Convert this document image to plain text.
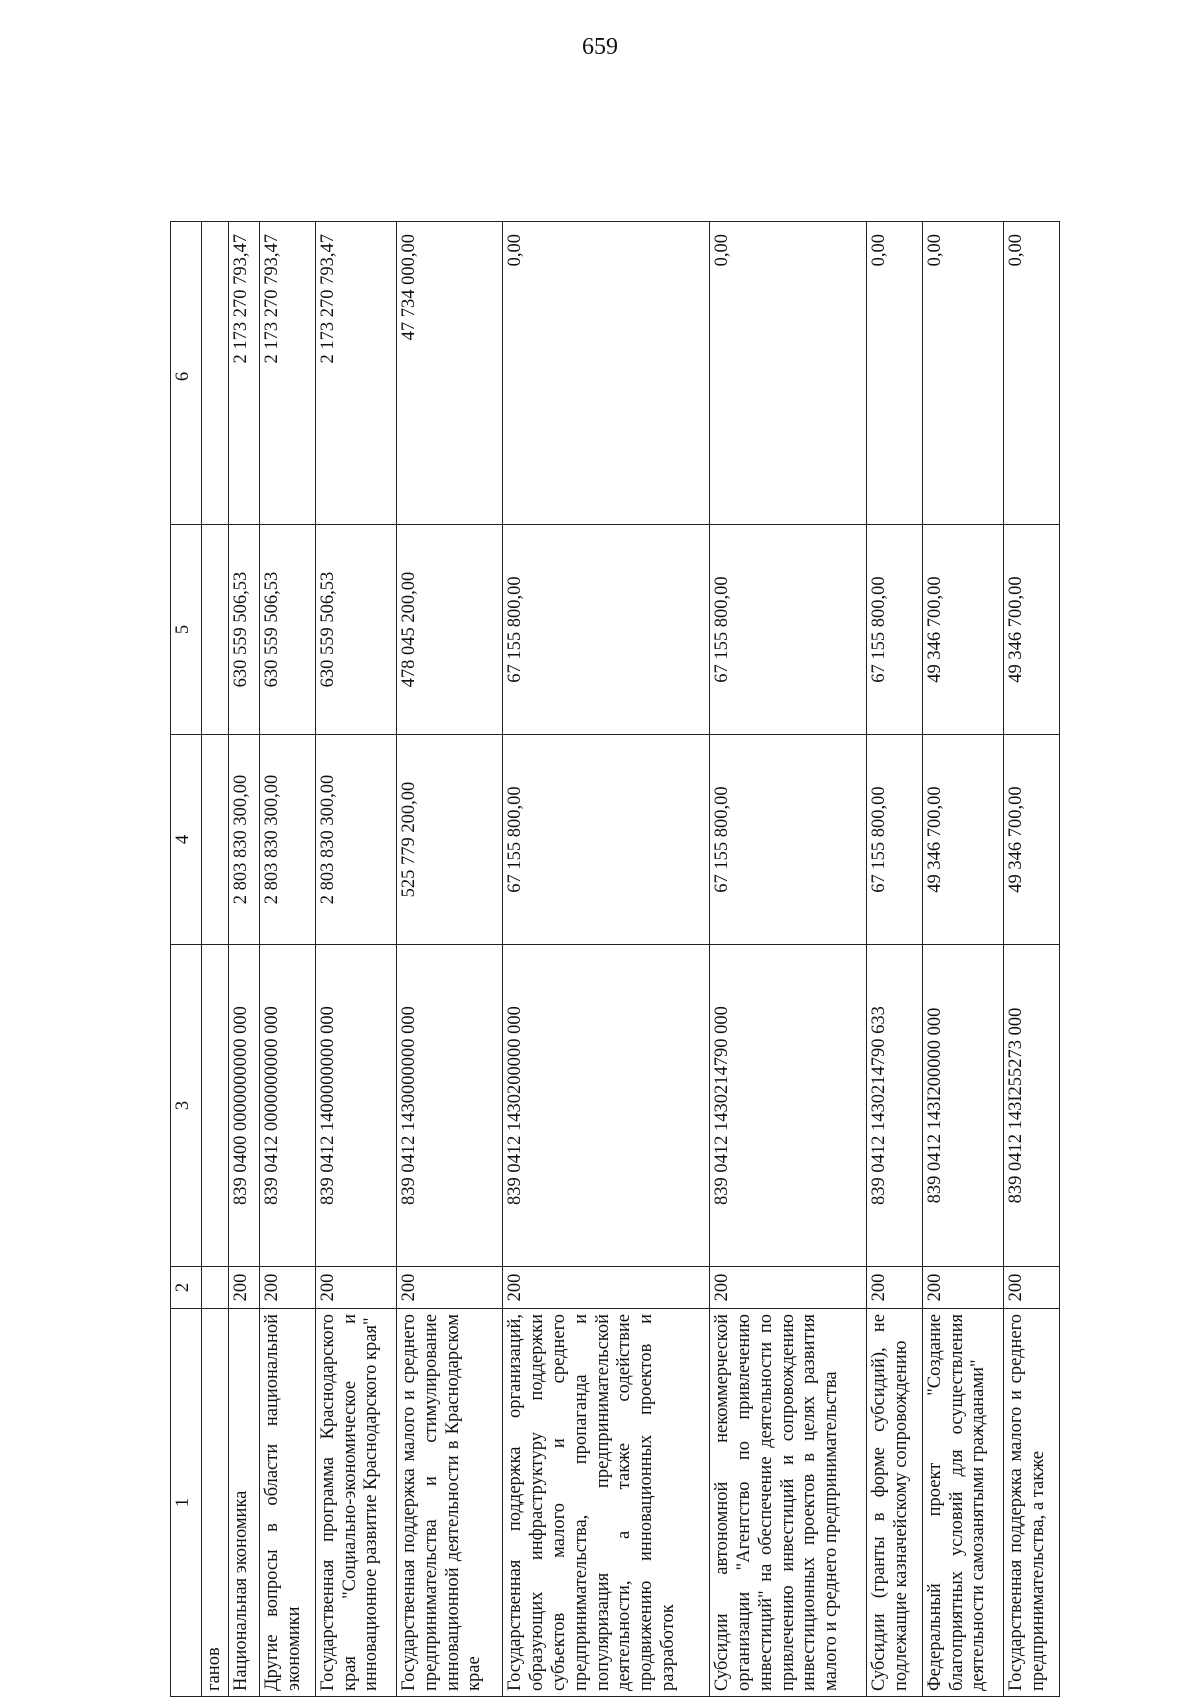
659
1	2	3	4	5	6
ганов					
Национальная экономика	200	839 0400 0000000000 000	2 803 830 300,00	630 559 506,53	2 173 270 793,47
Другие вопросы в области национальной экономики	200	839 0412 0000000000 000	2 803 830 300,00	630 559 506,53	2 173 270 793,47
Государственная программа Краснодарского края "Социально-экономическое и инновационное развитие Краснодарского края"	200	839 0412 1400000000 000	2 803 830 300,00	630 559 506,53	2 173 270 793,47
Государственная поддержка малого и среднего предпринимательства и стимулирование инновационной деятельности в Краснодарском крае	200	839 0412 1430000000 000	525 779 200,00	478 045 200,00	47 734 000,00
Государственная поддержка организаций, образующих инфраструктуру поддержки субъектов малого и среднего предпринимательства, пропаганда и популяризация предпринимательской деятельности, а также содействие продвижению инновационных проектов и разработок	200	839 0412 1430200000 000	67 155 800,00	67 155 800,00	0,00
Субсидии автономной некоммерческой организации "Агентство по привлечению инвестиций" на обеспечение деятельности по привлечению инвестиций и сопровождению инвестиционных проектов в целях развития малого и среднего предпринимательства	200	839 0412 1430214790 000	67 155 800,00	67 155 800,00	0,00
Субсидии (гранты в форме субсидий), не подлежащие казначейскому сопровождению	200	839 0412 1430214790 633	67 155 800,00	67 155 800,00	0,00
Федеральный проект "Создание благоприятных условий для осуществления деятельности самозанятыми гражданами"	200	839 0412 143I200000 000	49 346 700,00	49 346 700,00	0,00
Государственная поддержка малого и среднего предпринимательства, а также	200	839 0412 143I255273 000	49 346 700,00	49 346 700,00	0,00
